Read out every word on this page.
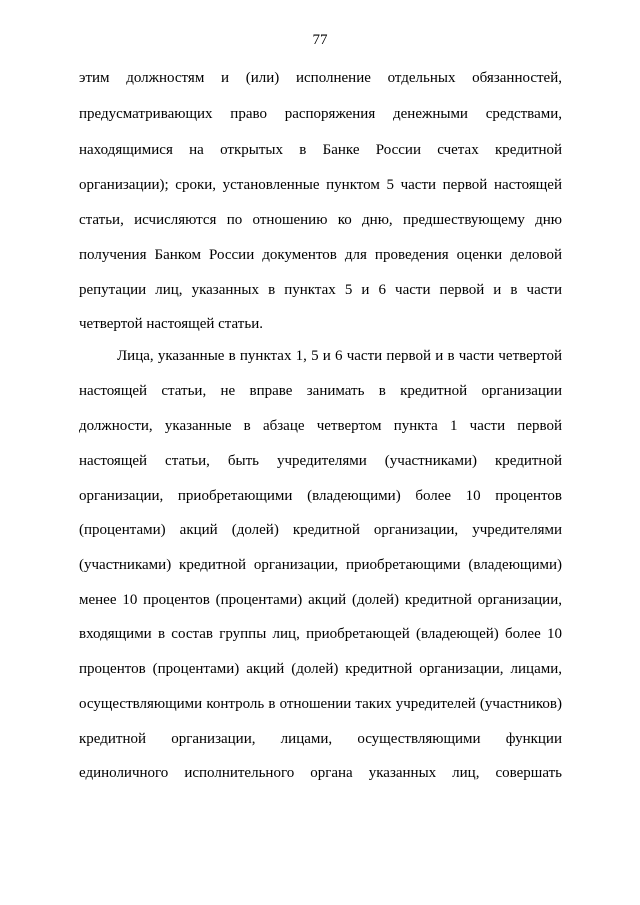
77
этим должностям и (или) исполнение отдельных обязанностей,
предусматривающих право распоряжения денежными средствами,
находящимися на открытых в Банке России счетах кредитной
организации); сроки, установленные пунктом 5 части первой настоящей
статьи, исчисляются по отношению ко дню, предшествующему дню
получения Банком России документов для проведения оценки деловой
репутации лиц, указанных в пунктах 5 и 6 части первой и в части
четвертой настоящей статьи.
Лица, указанные в пунктах 1, 5 и 6 части первой и в части четвертой
настоящей статьи, не вправе занимать в кредитной организации
должности, указанные в абзаце четвертом пункта 1 части первой
настоящей статьи, быть учредителями (участниками) кредитной
организации, приобретающими (владеющими) более 10 процентов
(процентами) акций (долей) кредитной организации, учредителями
(участниками) кредитной организации, приобретающими (владеющими)
менее 10 процентов (процентами) акций (долей) кредитной организации,
входящими в состав группы лиц, приобретающей (владеющей) более 10
процентов (процентами) акций (долей) кредитной организации, лицами,
осуществляющими контроль в отношении таких учредителей (участников)
кредитной организации, лицами, осуществляющими функции
единоличного исполнительного органа указанных лиц, совершать
